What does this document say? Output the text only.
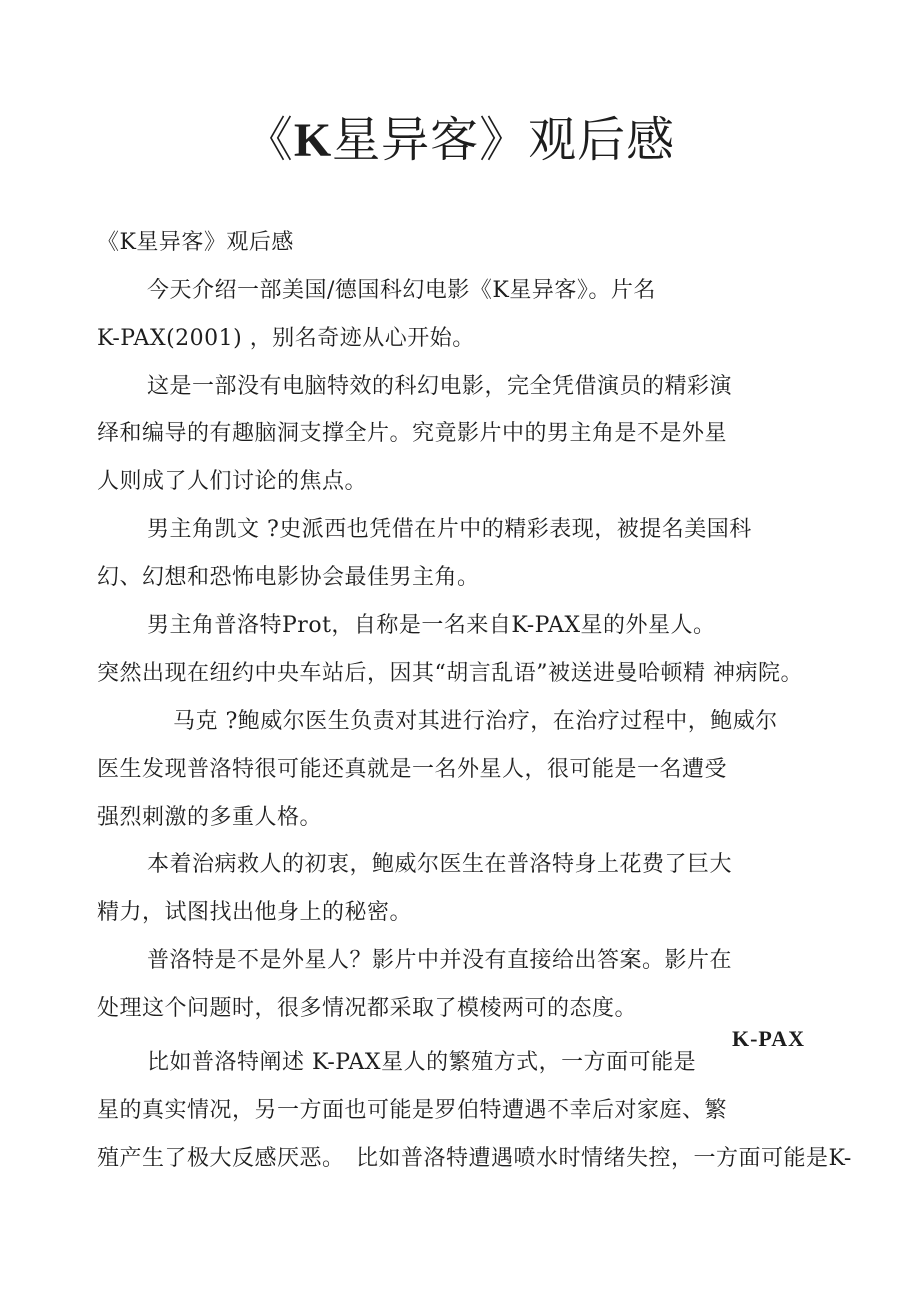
《K星异客》观后感
《K星异客》观后感
今天介绍一部美国/德国科幻电影《K星异客》。片名
K-PAX(2001) ，别名奇迹从心开始。
这是一部没有电脑特效的科幻电影，完全凭借演员的精彩演
绎和编导的有趣脑洞支撑全片。究竟影片中的男主角是不是外星
人则成了人们讨论的焦点。
男主角凯文 ?史派西也凭借在片中的精彩表现，被提名美国科
幻、幻想和恐怖电影协会最佳男主角。
男主角普洛特Prot，自称是一名来自K-PAX星的外星人。
突然出现在纽约中央车站后，因其“胡言乱语”被送进曼哈顿精 神病院。
马克 ?鲍威尔医生负责对其进行治疗，在治疗过程中，鲍威尔
医生发现普洛特很可能还真就是一名外星人，很可能是一名遭受
强烈刺激的多重人格。
本着治病救人的初衷，鲍威尔医生在普洛特身上花费了巨大
精力，试图找出他身上的秘密。
普洛特是不是外星人？影片中并没有直接给出答案。影片在
处理这个问题时，很多情况都采取了模棱两可的态度。
K-PAX
比如普洛特阐述 K-PAX星人的繁殖方式，一方面可能是
星的真实情况，另一方面也可能是罗伯特遭遇不幸后对家庭、繁
殖产生了极大反感厌恶。　比如普洛特遭遇喷水时情绪失控，一方面可能是K-
